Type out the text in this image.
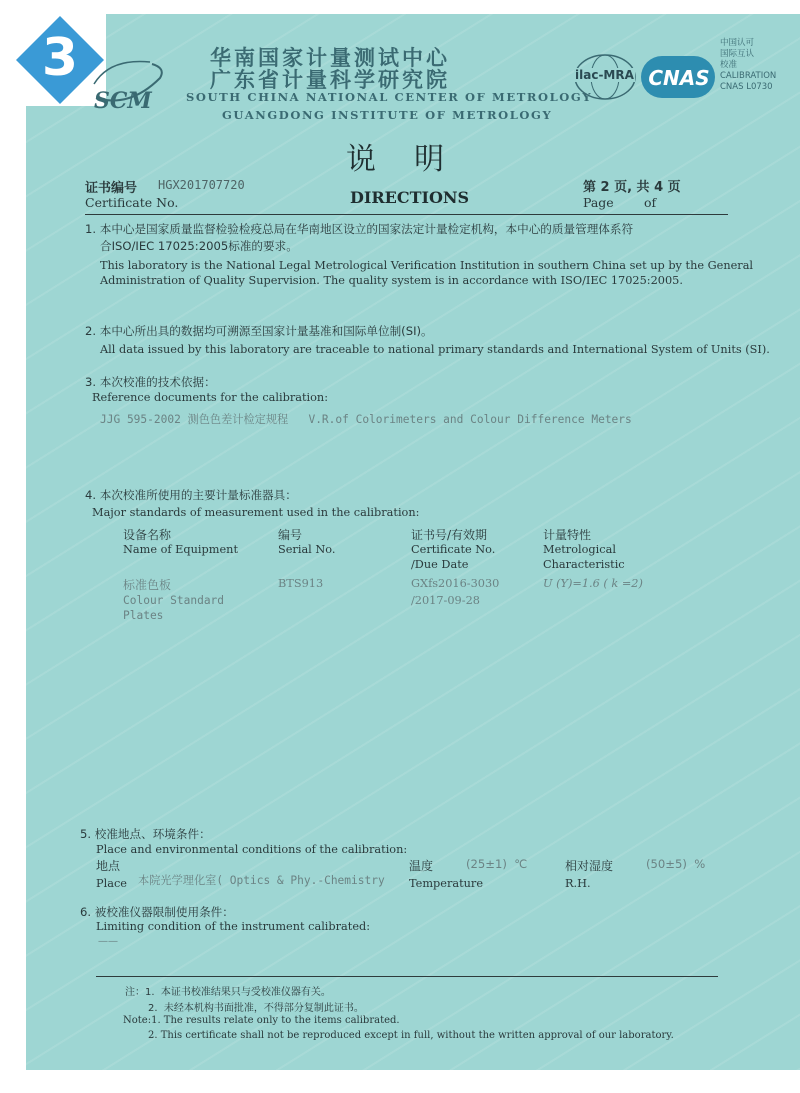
3
SCM
华南国家计量测试中心
广东省计量科学研究院
SOUTH CHINA NATIONAL CENTER OF METROLOGY
GUANGDONG INSTITUTE OF METROLOGY
ilac-MRA CNAS
中国认可
国际互认
校准
CALIBRATION
CNAS L0730
说    明
DIRECTIONS
证书编号 HGX201707720
Certificate No.
第 2 页, 共 4 页
Page of
1. 本中心是国家质量监督检验检疫总局在华南地区设立的国家法定计量检定机构，本中心的质量管理体系符
合ISO/IEC 17025:2005标准的要求。
This laboratory is the National Legal Metrological Verification Institution in southern China set up by the General
Administration of Quality Supervision. The quality system is in accordance with ISO/IEC 17025:2005.
2. 本中心所出具的数据均可溯源至国家计量基准和国际单位制(SI)。
All data issued by this laboratory are traceable to national primary standards and International System of Units (SI).
3. 本次校准的技术依据：
Reference documents for the calibration:
JJG 595-2002 测色色差计检定规程   V.R.of Colorimeters and Colour Difference Meters
4. 本次校准所使用的主要计量标准器具：
Major standards of measurement used in the calibration:
设备名称
Name of Equipment
编号
Serial No.
证书号/有效期
Certificate No.
/Due Date
计量特性
Metrological
Characteristic
标准色板
Colour Standard
Plates
BTS913	GXfs2016-3030
/2017-09-28
U (Y)=1.6 ( k =2)
5. 校准地点、环境条件：
Place and environmental conditions of the calibration:
地点
Place 本院光学理化室( Optics & Phy.-Chemistry
温度
Temperature
(25±1)  ℃	相对湿度
R.H.
(50±5)  %
6. 被校准仪器限制使用条件：
Limiting condition of the instrument calibrated:
——
注：1.  本证书校准结果只与受校准仪器有关。
2.  未经本机构书面批准，不得部分复制此证书。
Note:1. The results relate only to the items calibrated.
2. This certificate shall not be reproduced except in full, without the written approval of our laboratory.
